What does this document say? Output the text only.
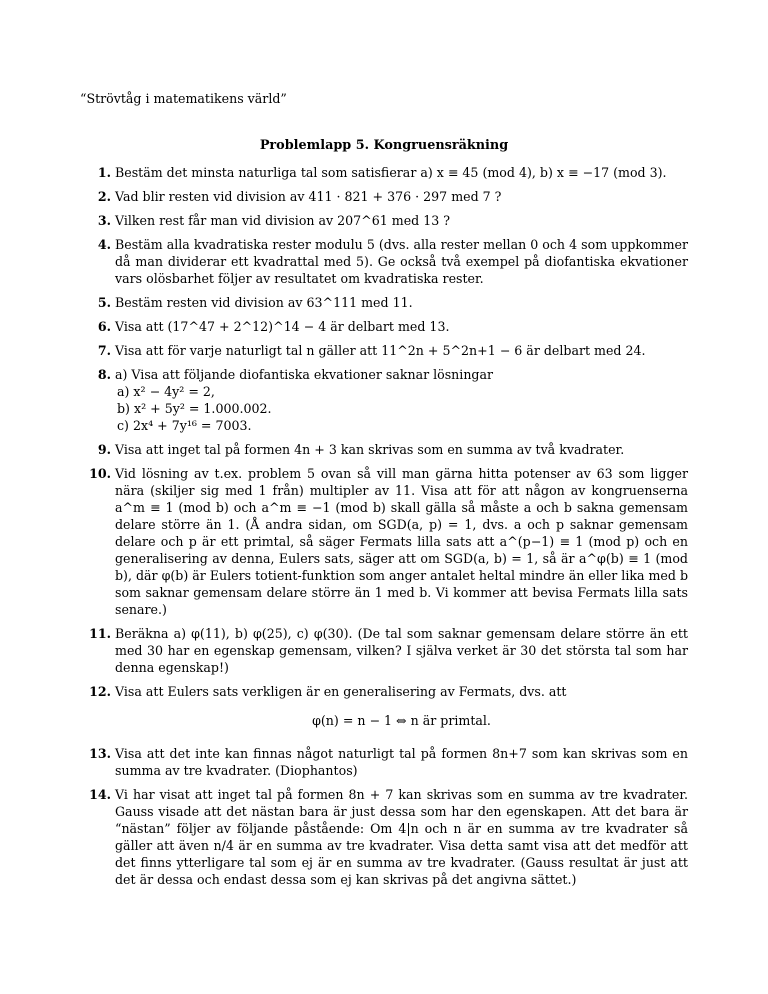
“Strövtåg i matematikens värld”
Problemlapp 5. Kongruensräkning
1. Bestäm det minsta naturliga tal som satisfierar a) x ≡ 45 (mod 4), b) x ≡ −17 (mod 3).
2. Vad blir resten vid division av 411 · 821 + 376 · 297 med 7 ?
3. Vilken rest får man vid division av 207^61 med 13 ?
4. Bestäm alla kvadratiska rester modulu 5 (dvs. alla rester mellan 0 och 4 som uppkommer då man dividerar ett kvadrattal med 5). Ge också två exempel på diofantiska ekvationer vars olösbarhet följer av resultatet om kvadratiska rester.
5. Bestäm resten vid division av 63^111 med 11.
6. Visa att (17^47 + 2^12)^14 − 4 är delbart med 13.
7. Visa att för varje naturligt tal n gäller att 11^2n + 5^2n+1 − 6 är delbart med 24.
8. a) Visa att följande diofantiska ekvationer saknar lösningar
a) x² − 4y² = 2,
b) x² + 5y² = 1.000.002.
c) 2x⁴ + 7y¹⁶ = 7003.
9. Visa att inget tal på formen 4n + 3 kan skrivas som en summa av två kvadrater.
10. Vid lösning av t.ex. problem 5 ovan så vill man gärna hitta potenser av 63 som ligger nära (skiljer sig med 1 från) multipler av 11. Visa att för att någon av kongruenserna a^m ≡ 1 (mod b) och a^m ≡ −1 (mod b) skall gälla så måste a och b sakna gemensam delare större än 1. (Å andra sidan, om SGD(a, p) = 1, dvs. a och p saknar gemensam delare och p är ett primtal, så säger Fermats lilla sats att a^(p−1) ≡ 1 (mod p) och en generalisering av denna, Eulers sats, säger att om SGD(a, b) = 1, så är a^φ(b) ≡ 1 (mod b), där φ(b) är Eulers totient-funktion som anger antalet heltal mindre än eller lika med b som saknar gemensam delare större än 1 med b. Vi kommer att bevisa Fermats lilla sats senare.)
11. Beräkna a) φ(11), b) φ(25), c) φ(30). (De tal som saknar gemensam delare större än ett med 30 har en egenskap gemensam, vilken? I själva verket är 30 det största tal som har denna egenskap!)
12. Visa att Eulers sats verkligen är en generalisering av Fermats, dvs. att
φ(n) = n − 1 ⇔ n är primtal.
13. Visa att det inte kan finnas något naturligt tal på formen 8n+7 som kan skrivas som en summa av tre kvadrater. (Diophantos)
14. Vi har visat att inget tal på formen 8n + 7 kan skrivas som en summa av tre kvadrater. Gauss visade att det nästan bara är just dessa som har den egenskapen. Att det bara är “nästan” följer av följande påstående: Om 4|n och n är en summa av tre kvadrater så gäller att även n/4 är en summa av tre kvadrater. Visa detta samt visa att det medför att det finns ytterligare tal som ej är en summa av tre kvadrater. (Gauss resultat är just att det är dessa och endast dessa som ej kan skrivas på det angivna sättet.)
